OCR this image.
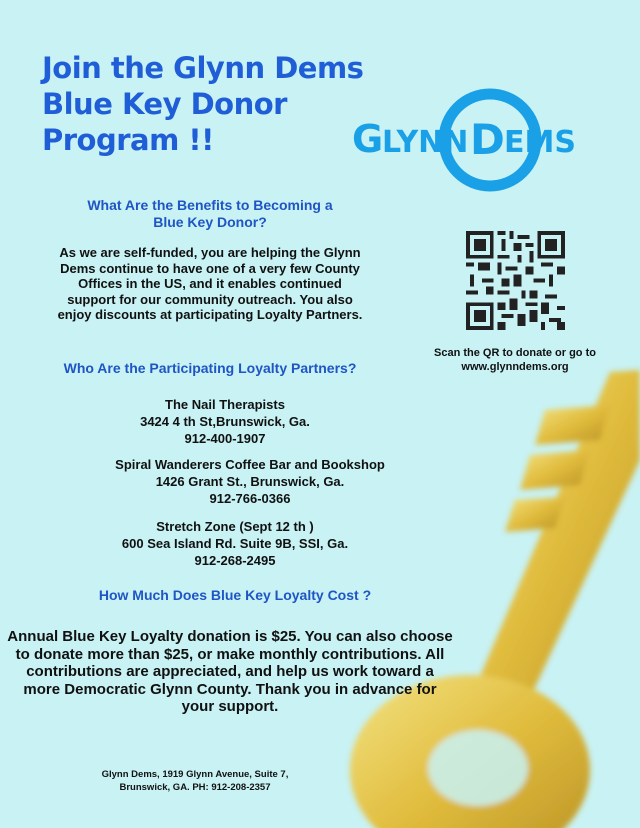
Join the Glynn Dems
Blue Key Donor
Program !!	G
LYNN D EMS
What Are the Benefits to Becoming a
Blue Key Donor?
As we are self-funded, you are helping the Glynn
Dems continue to have one of a very few County
Offices in the US, and it enables continued
support for our community outreach. You also
enjoy discounts at participating Loyalty Partners.
Scan the QR to donate or go to
www.glynndems.org
Who Are the Participating Loyalty Partners?
The Nail Therapists
3424 4 th St,Brunswick, Ga.
912-400-1907
Spiral Wanderers Coffee Bar and Bookshop
1426 Grant St., Brunswick, Ga.
912-766-0366
Stretch Zone (Sept 12 th )
600 Sea Island Rd. Suite 9B, SSI, Ga.
912-268-2495
How Much Does Blue Key Loyalty Cost ?
Annual Blue Key Loyalty donation is $25. You can also choose
to donate more than $25, or make monthly contributions. All
contributions are appreciated, and help us work toward a
more Democratic Glynn County. Thank you in advance for
your support.
Glynn Dems, 1919 Glynn Avenue, Suite 7,
Brunswick, GA. PH: 912-208-2357
